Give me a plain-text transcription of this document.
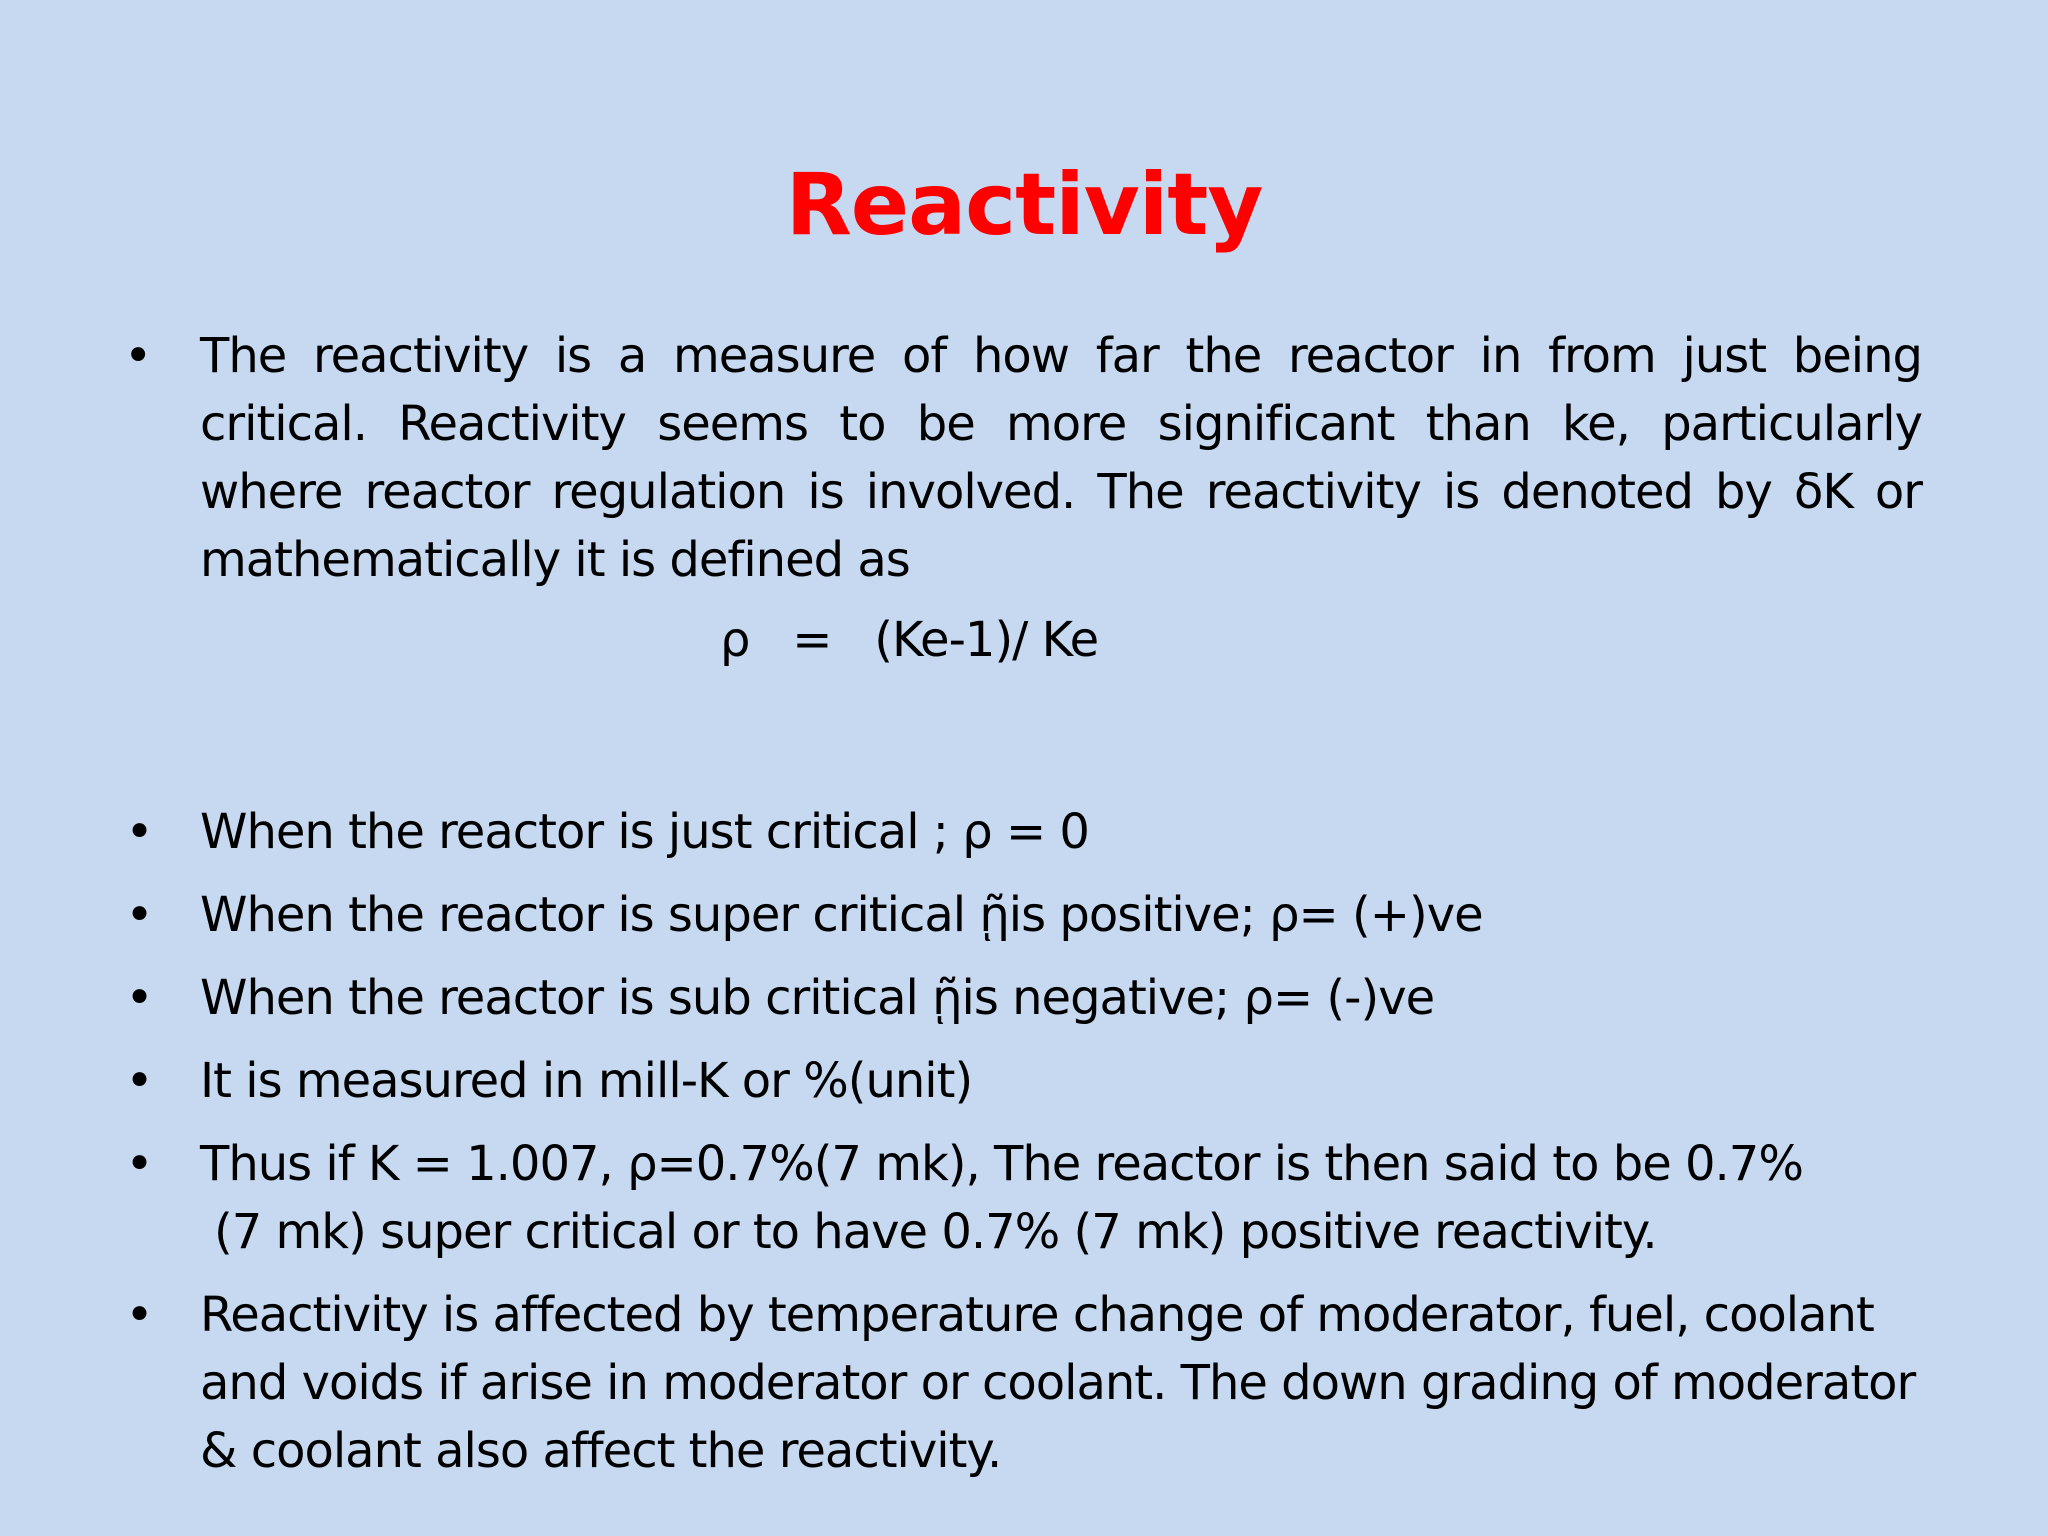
Reactivity
• The reactivity is a measure of how far the reactor in from just being critical. Reactivity seems to be more significant than ke, particularly where reactor regulation is involved. The reactivity is denoted by δK or mathematically it is defined as
ρ   =   (Ke-1)/ Ke
• When the reactor is just critical ; ρ = 0
• When the reactor is super critical ῇis positive; ρ= (+)ve
• When the reactor is sub critical ῇis negative; ρ= (-)ve
• It is measured in mill-K or %(unit)
• Thus if K = 1.007, ρ=0.7%(7 mk), The reactor is then said to be 0.7%
(7 mk) super critical or to have 0.7% (7 mk) positive reactivity.
• Reactivity is affected by temperature change of moderator, fuel, coolant and voids if arise in moderator or coolant. The down grading of moderator & coolant also affect the reactivity.
